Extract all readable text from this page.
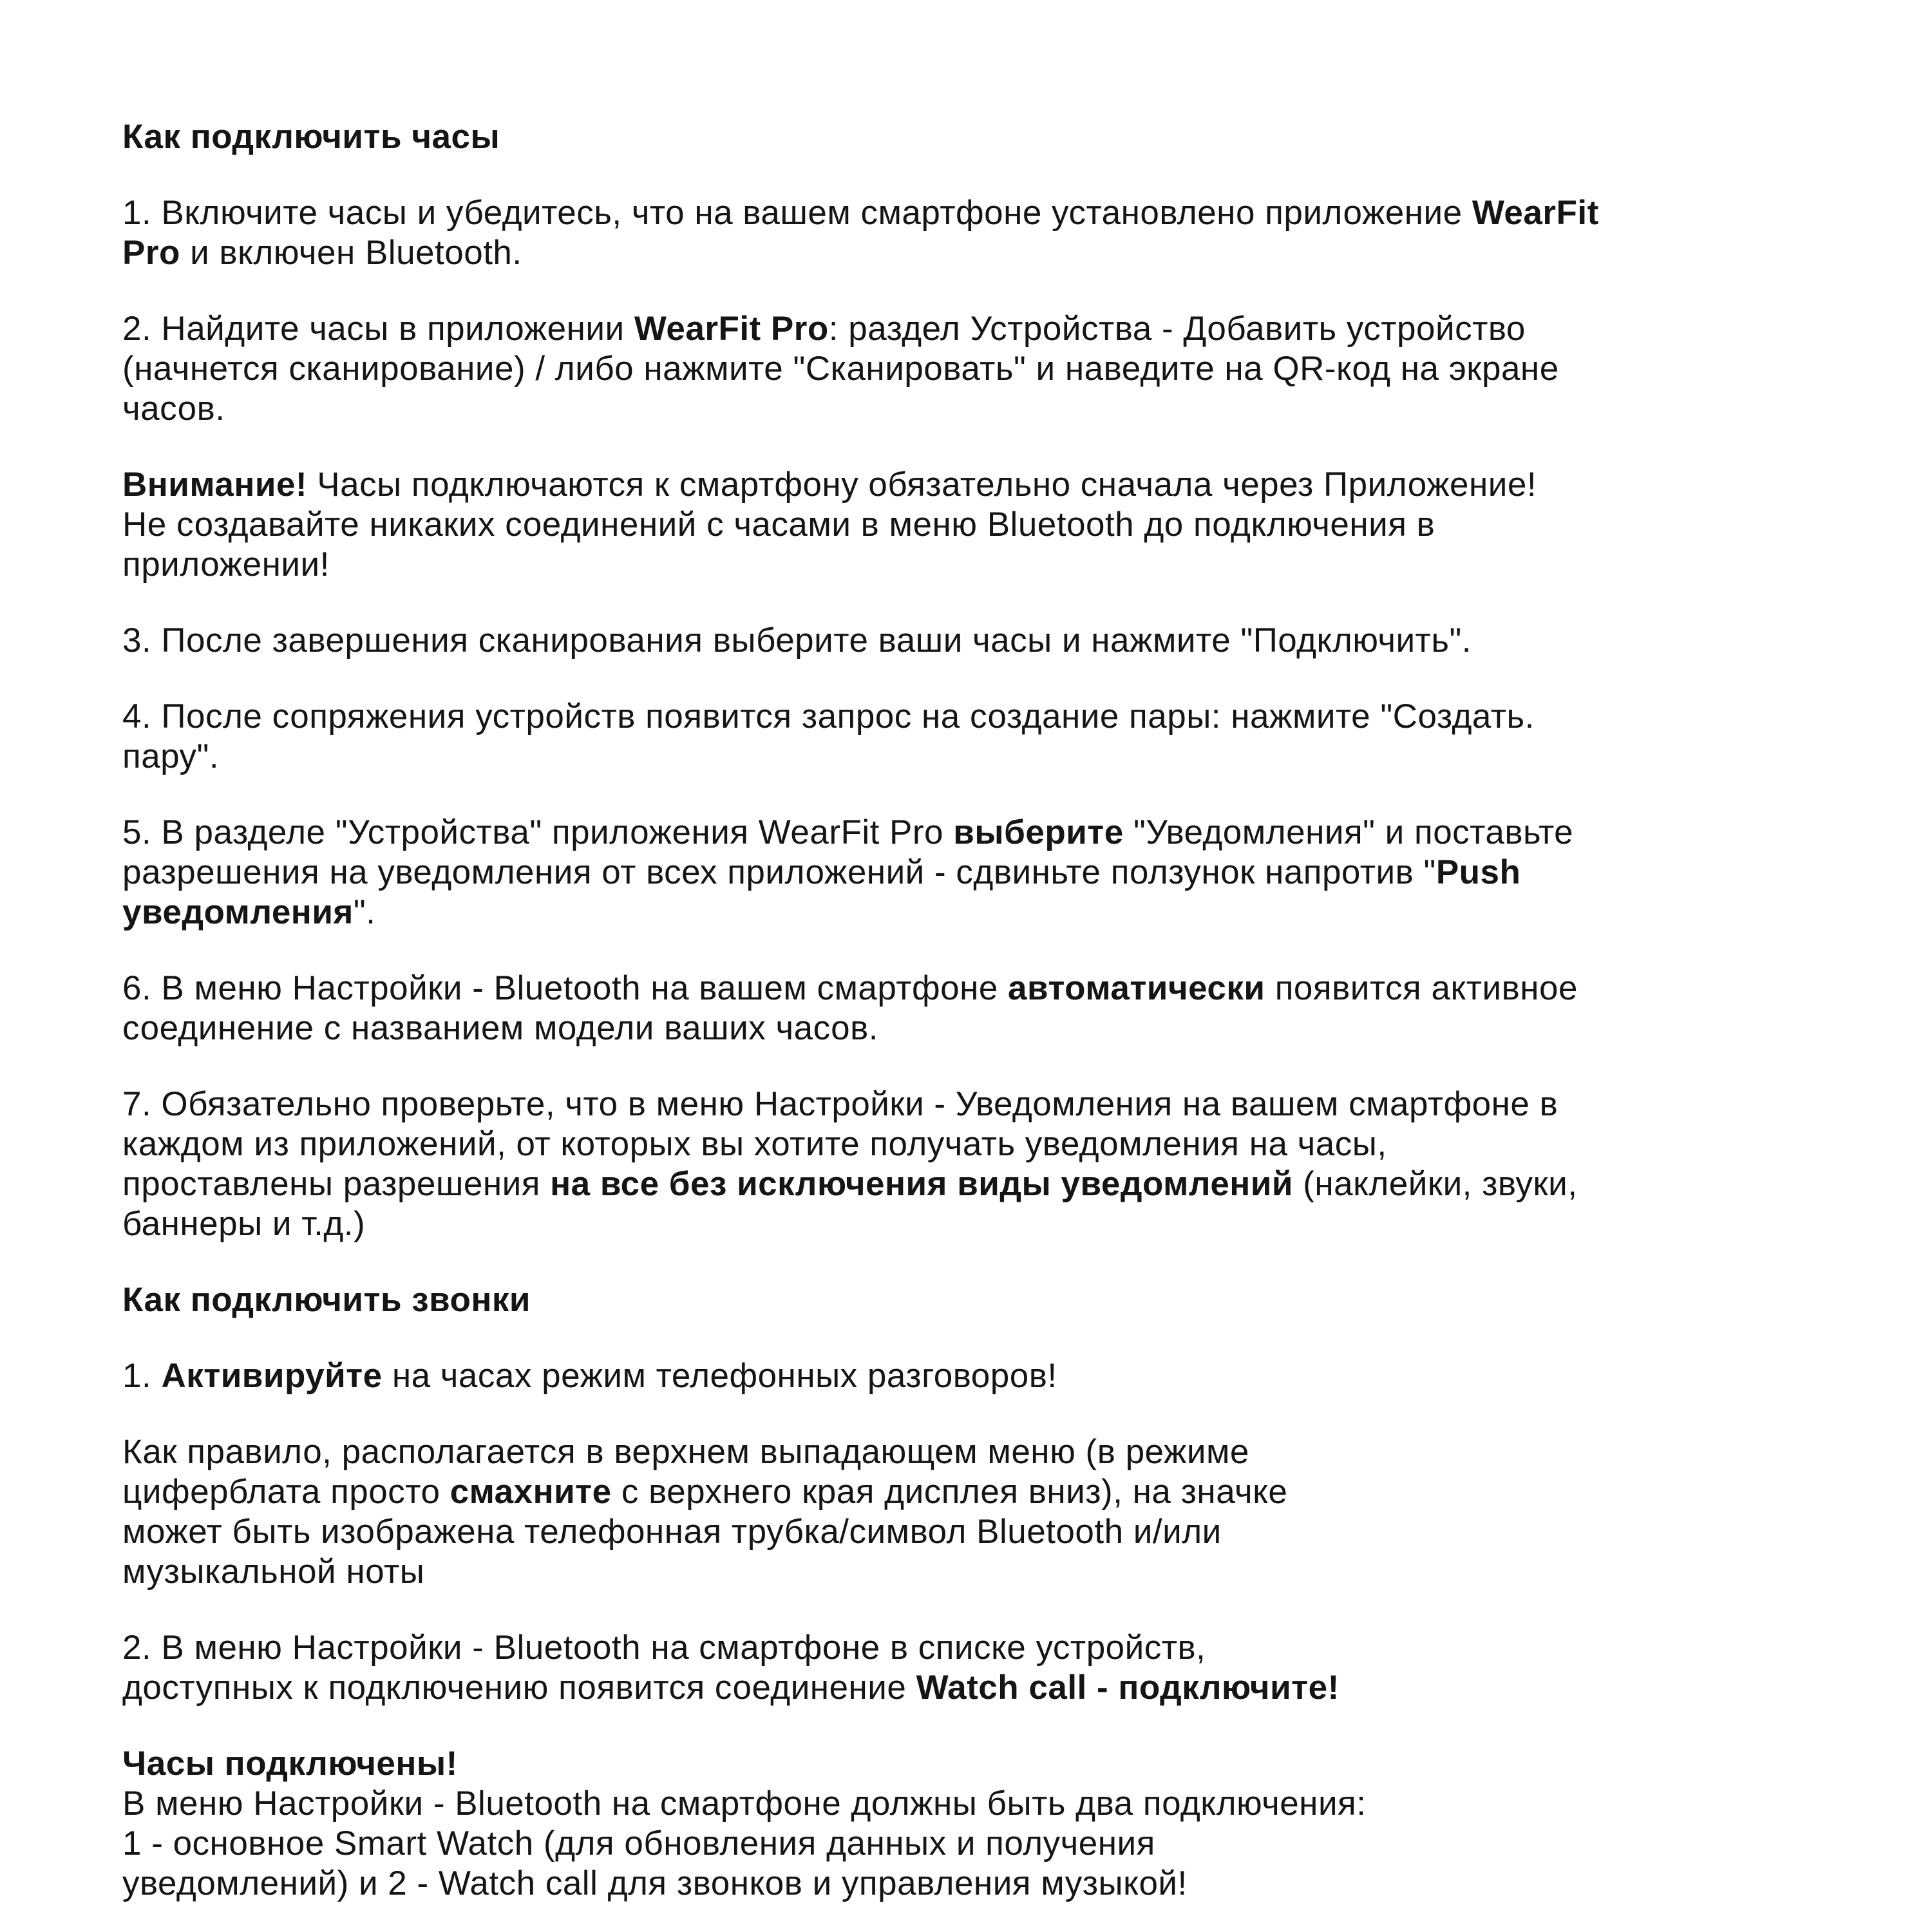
Как подключить часы

1. Включите часы и убедитесь, что на вашем смартфоне установлено приложение WearFit
Pro и включен Bluetooth.

2. Найдите часы в приложении WearFit Pro: раздел Устройства - Добавить устройство
(начнется сканирование) / либо нажмите "Сканировать" и наведите на QR-код на экране
часов.

Внимание! Часы подключаются к смартфону обязательно сначала через Приложение!
Не создавайте никаких соединений с часами в меню Bluetooth до подключения в
приложении!

3. После завершения сканирования выберите ваши часы и нажмите "Подключить".

4. После сопряжения устройств появится запрос на создание пары: нажмите "Создать.
пару".

5. В разделе "Устройства" приложения WearFit Pro выберите "Уведомления" и поставьте
разрешения на уведомления от всех приложений - сдвиньте ползунок напротив "Push
уведомления".

6. В меню Настройки - Bluetooth на вашем смартфоне автоматически появится активное
соединение с названием модели ваших часов.

7. Обязательно проверьте, что в меню Настройки - Уведомления на вашем смартфоне в
каждом из приложений, от которых вы хотите получать уведомления на часы,
проставлены разрешения на все без исключения виды уведомлений (наклейки, звуки,
баннеры и т.д.)

Как подключить звонки

1. Активируйте на часах режим телефонных разговоров!

Как правило, располагается в верхнем выпадающем меню (в режиме
циферблата просто смахните с верхнего края дисплея вниз), на значке
может быть изображена телефонная трубка/символ Bluetooth и/или
музыкальной ноты

2. В меню Настройки - Bluetooth на смартфоне в списке устройств,
доступных к подключению появится соединение Watch call - подключите!

Часы подключены!
В меню Настройки - Bluetooth на смартфоне должны быть два подключения:
1 - основное Smart Watch (для обновления данных и получения
уведомлений) и 2 - Watch call для звонков и управления музыкой!
